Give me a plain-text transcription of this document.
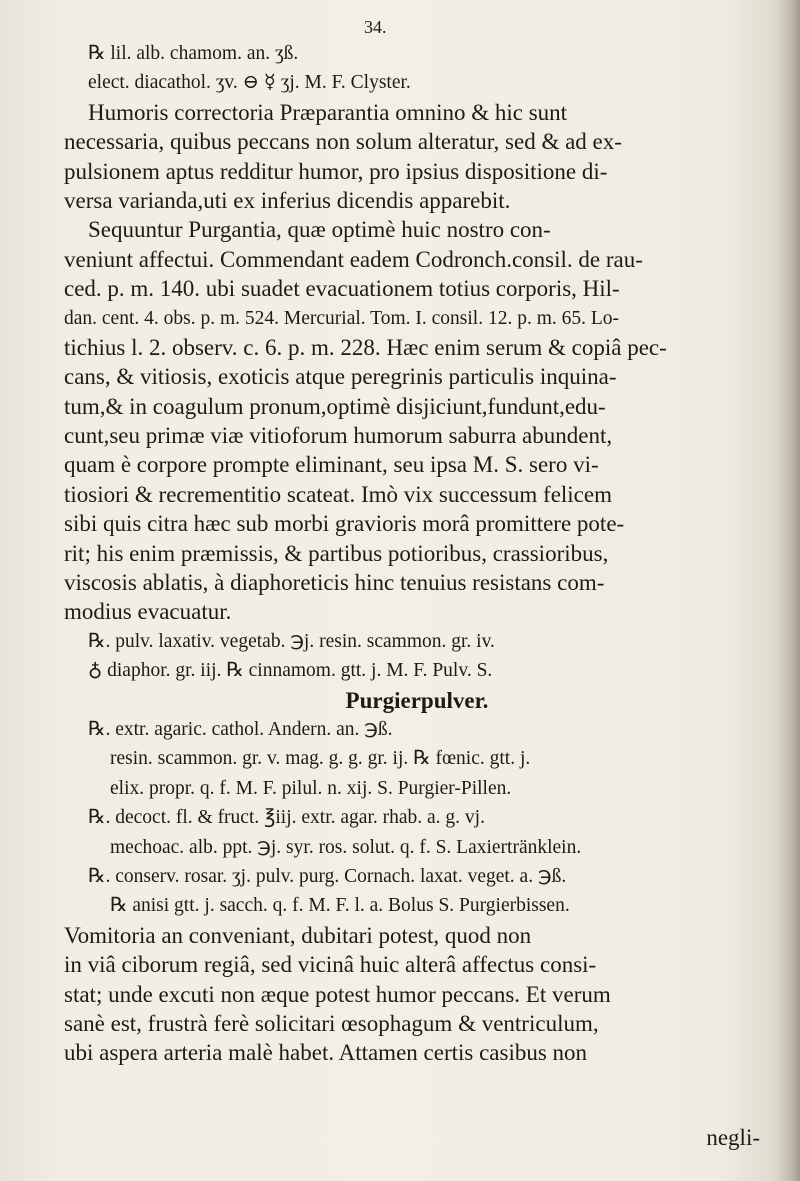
34.
℞ lil. alb. chamom. an. ʒß.
elect. diacathol. ʒv. ⊖ ☿ ʒj. M. F. Clyster.
Humoris correctoria Præparantia omnino & hic sunt
necessaria, quibus peccans non solum alteratur, sed & ad ex-
pulsionem aptus redditur humor, pro ipsius dispositione di-
versa varianda,uti ex inferius dicendis apparebit.
Sequuntur Purgantia, quæ optimè huic nostro con-
veniunt affectui. Commendant eadem Codronch.consil. de rau-
ced. p. m. 140. ubi suadet evacuationem totius corporis, Hil-
dan. cent. 4. obs. p. m. 524. Mercurial. Tom. I. consil. 12. p. m. 65. Lo-
tichius l. 2. observ. c. 6. p. m. 228. Hæc enim serum & copiâ pec-
cans, & vitiosis, exoticis atque peregrinis particulis inquina-
tum,& in coagulum pronum,optimè disjiciunt,fundunt,edu-
cunt,seu primæ viæ vitioforum humorum saburra abundent,
quam è corpore prompte eliminant, seu ipsa M. S. sero vi-
tiosiori & recrementitio scateat. Imò vix successum felicem
sibi quis citra hæc sub morbi gravioris morâ promittere pote-
rit; his enim præmissis, & partibus potioribus, crassioribus,
viscosis ablatis, à diaphoreticis hinc tenuius resistans com-
modius evacuatur.
℞. pulv. laxativ. vegetab. ℈j. resin. scammon. gr. iv.
♁ diaphor. gr. iij. ℞ cinnamom. gtt. j. M. F. Pulv. S.
Purgierpulver.
℞. extr. agaric. cathol. Andern. an. ℈ß.
resin. scammon. gr. v. mag. g. g. gr. ij. ℞ fœnic. gtt. j.
elix. propr. q. f. M. F. pilul. n. xij. S. Purgier-Pillen.
℞. decoct. fl. & fruct. ℥iij. extr. agar. rhab. a. g. vj.
mechoac. alb. ppt. ℈j. syr. ros. solut. q. f. S. Laxiertränklein.
℞. conserv. rosar. ʒj. pulv. purg. Cornach. laxat. veget. a. ℈ß.
℞ anisi gtt. j. sacch. q. f. M. F. l. a. Bolus S. Purgierbissen.
Vomitoria an conveniant, dubitari potest, quod non
in viâ ciborum regiâ, sed vicinâ huic alterâ affectus consi-
stat; unde excuti non æque potest humor peccans. Et verum
sanè est, frustrà ferè solicitari œsophagum & ventriculum,
ubi aspera arteria malè habet. Attamen certis casibus non
negli-
